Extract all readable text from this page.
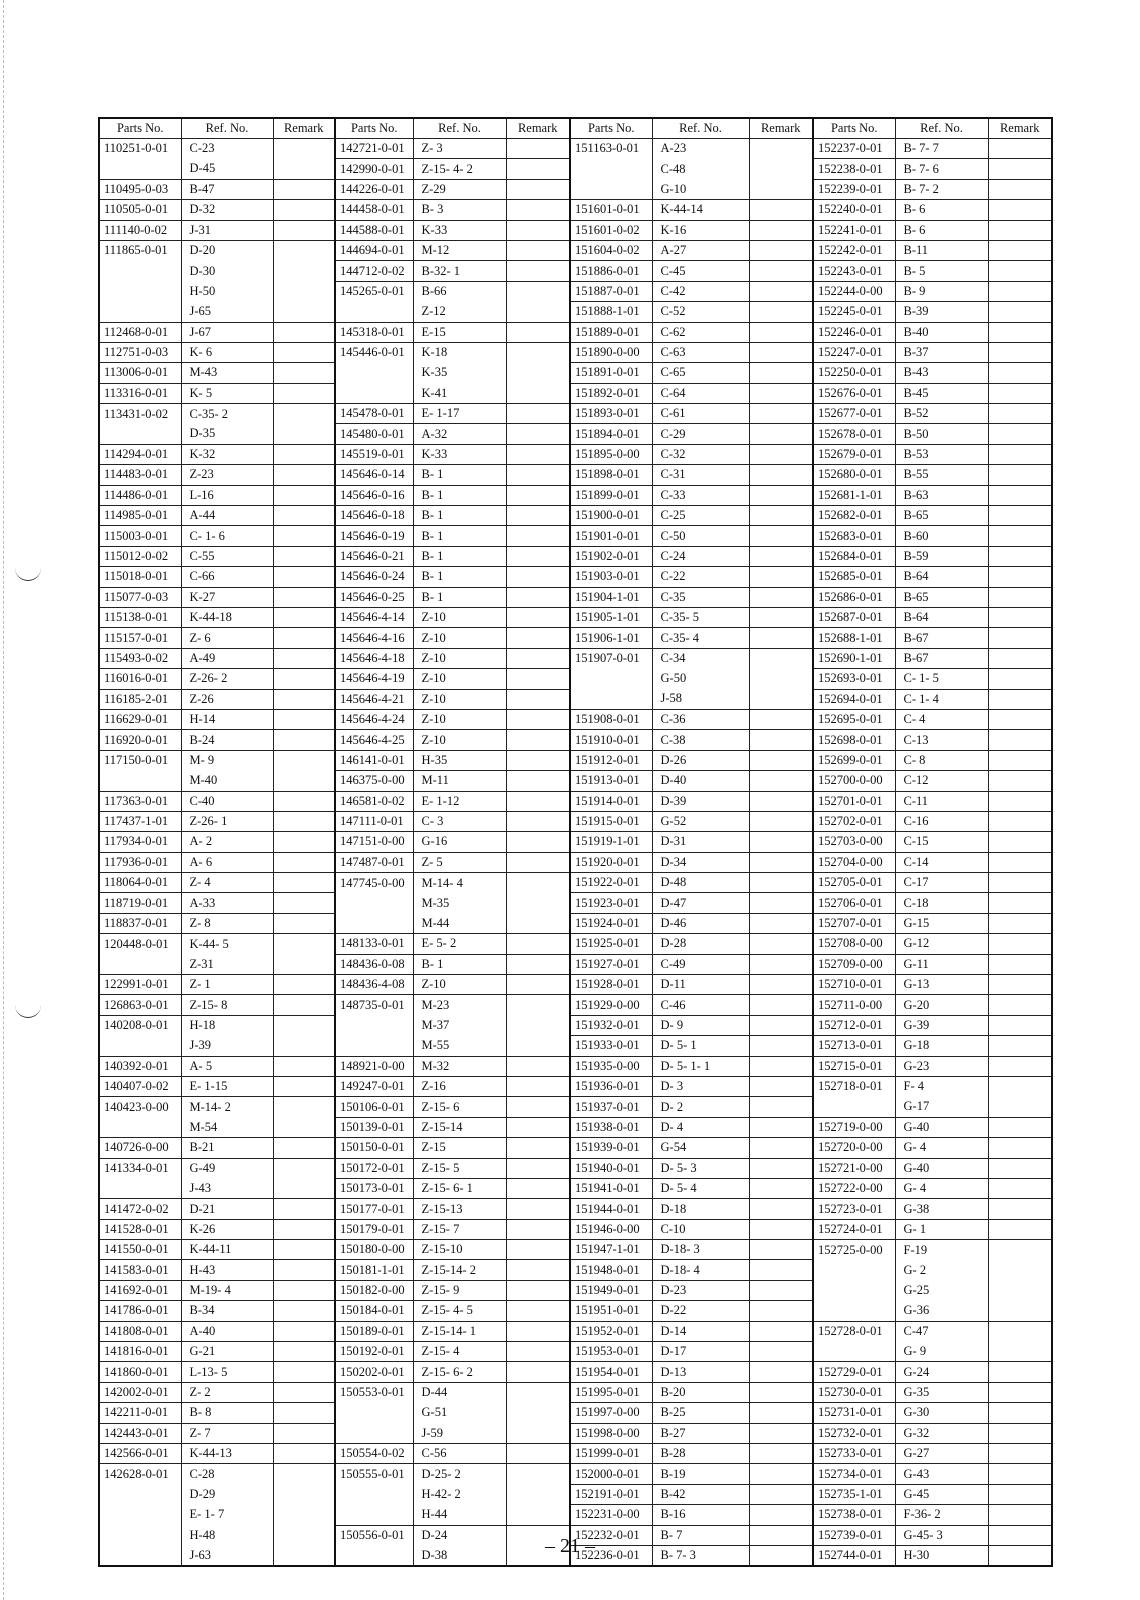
Parts No.	Ref. No.	Remark	Parts No.	Ref. No.	Remark	Parts No.	Ref. No.	Remark	Parts No.	Ref. No.	Remark
110251-0-01	C-23		142721-0-01	Z- 3		151163-0-01	A-23		152237-0-01	B- 7- 7	
	D-45		142990-0-01	Z-15- 4- 2			C-48		152238-0-01	B- 7- 6	
110495-0-03	B-47		144226-0-01	Z-29			G-10		152239-0-01	B- 7- 2	
110505-0-01	D-32		144458-0-01	B- 3		151601-0-01	K-44-14		152240-0-01	B- 6	
111140-0-02	J-31		144588-0-01	K-33		151601-0-02	K-16		152241-0-01	B- 6	
111865-0-01	D-20		144694-0-01	M-12		151604-0-02	A-27		152242-0-01	B-11	
	D-30		144712-0-02	B-32- 1		151886-0-01	C-45		152243-0-01	B- 5	
	H-50		145265-0-01	B-66		151887-0-01	C-42		152244-0-00	B- 9	
	J-65			Z-12		151888-1-01	C-52		152245-0-01	B-39	
112468-0-01	J-67		145318-0-01	E-15		151889-0-01	C-62		152246-0-01	B-40	
112751-0-03	K- 6		145446-0-01	K-18		151890-0-00	C-63		152247-0-01	B-37	
113006-0-01	M-43			K-35		151891-0-01	C-65		152250-0-01	B-43	
113316-0-01	K- 5			K-41		151892-0-01	C-64		152676-0-01	B-45	
113431-0-02	C-35- 2		145478-0-01	E- 1-17		151893-0-01	C-61		152677-0-01	B-52	
	D-35		145480-0-01	A-32		151894-0-01	C-29		152678-0-01	B-50	
114294-0-01	K-32		145519-0-01	K-33		151895-0-00	C-32		152679-0-01	B-53	
114483-0-01	Z-23		145646-0-14	B- 1		151898-0-01	C-31		152680-0-01	B-55	
114486-0-01	L-16		145646-0-16	B- 1		151899-0-01	C-33		152681-1-01	B-63	
114985-0-01	A-44		145646-0-18	B- 1		151900-0-01	C-25		152682-0-01	B-65	
115003-0-01	C- 1- 6		145646-0-19	B- 1		151901-0-01	C-50		152683-0-01	B-60	
115012-0-02	C-55		145646-0-21	B- 1		151902-0-01	C-24		152684-0-01	B-59	
115018-0-01	C-66		145646-0-24	B- 1		151903-0-01	C-22		152685-0-01	B-64	
115077-0-03	K-27		145646-0-25	B- 1		151904-1-01	C-35		152686-0-01	B-65	
115138-0-01	K-44-18		145646-4-14	Z-10		151905-1-01	C-35- 5		152687-0-01	B-64	
115157-0-01	Z- 6		145646-4-16	Z-10		151906-1-01	C-35- 4		152688-1-01	B-67	
115493-0-02	A-49		145646-4-18	Z-10		151907-0-01	C-34		152690-1-01	B-67	
116016-0-01	Z-26- 2		145646-4-19	Z-10			G-50		152693-0-01	C- 1- 5	
116185-2-01	Z-26		145646-4-21	Z-10			J-58		152694-0-01	C- 1- 4	
116629-0-01	H-14		145646-4-24	Z-10		151908-0-01	C-36		152695-0-01	C- 4	
116920-0-01	B-24		145646-4-25	Z-10		151910-0-01	C-38		152698-0-01	C-13	
117150-0-01	M- 9		146141-0-01	H-35		151912-0-01	D-26		152699-0-01	C- 8	
	M-40		146375-0-00	M-11		151913-0-01	D-40		152700-0-00	C-12	
117363-0-01	C-40		146581-0-02	E- 1-12		151914-0-01	D-39		152701-0-01	C-11	
117437-1-01	Z-26- 1		147111-0-01	C- 3		151915-0-01	G-52		152702-0-01	C-16	
117934-0-01	A- 2		147151-0-00	G-16		151919-1-01	D-31		152703-0-00	C-15	
117936-0-01	A- 6		147487-0-01	Z- 5		151920-0-01	D-34		152704-0-00	C-14	
118064-0-01	Z- 4		147745-0-00	M-14- 4		151922-0-01	D-48		152705-0-01	C-17	
118719-0-01	A-33			M-35		151923-0-01	D-47		152706-0-01	C-18	
118837-0-01	Z- 8			M-44		151924-0-01	D-46		152707-0-01	G-15	
120448-0-01	K-44- 5		148133-0-01	E- 5- 2		151925-0-01	D-28		152708-0-00	G-12	
	Z-31		148436-0-08	B- 1		151927-0-01	C-49		152709-0-00	G-11	
122991-0-01	Z- 1		148436-4-08	Z-10		151928-0-01	D-11		152710-0-01	G-13	
126863-0-01	Z-15- 8		148735-0-01	M-23		151929-0-00	C-46		152711-0-00	G-20	
140208-0-01	H-18			M-37		151932-0-01	D- 9		152712-0-01	G-39	
	J-39			M-55		151933-0-01	D- 5- 1		152713-0-01	G-18	
140392-0-01	A- 5		148921-0-00	M-32		151935-0-00	D- 5- 1- 1		152715-0-01	G-23	
140407-0-02	E- 1-15		149247-0-01	Z-16		151936-0-01	D- 3		152718-0-01	F- 4	
140423-0-00	M-14- 2		150106-0-01	Z-15- 6		151937-0-01	D- 2			G-17	
	M-54		150139-0-01	Z-15-14		151938-0-01	D- 4		152719-0-00	G-40	
140726-0-00	B-21		150150-0-01	Z-15		151939-0-01	G-54		152720-0-00	G- 4	
141334-0-01	G-49		150172-0-01	Z-15- 5		151940-0-01	D- 5- 3		152721-0-00	G-40	
	J-43		150173-0-01	Z-15- 6- 1		151941-0-01	D- 5- 4		152722-0-00	G- 4	
141472-0-02	D-21		150177-0-01	Z-15-13		151944-0-01	D-18		152723-0-01	G-38	
141528-0-01	K-26		150179-0-01	Z-15- 7		151946-0-00	C-10		152724-0-01	G- 1	
141550-0-01	K-44-11		150180-0-00	Z-15-10		151947-1-01	D-18- 3		152725-0-00	F-19	
141583-0-01	H-43		150181-1-01	Z-15-14- 2		151948-0-01	D-18- 4			G- 2	
141692-0-01	M-19- 4		150182-0-00	Z-15- 9		151949-0-01	D-23			G-25	
141786-0-01	B-34		150184-0-01	Z-15- 4- 5		151951-0-01	D-22			G-36	
141808-0-01	A-40		150189-0-01	Z-15-14- 1		151952-0-01	D-14		152728-0-01	C-47	
141816-0-01	G-21		150192-0-01	Z-15- 4		151953-0-01	D-17			G- 9	
141860-0-01	L-13- 5		150202-0-01	Z-15- 6- 2		151954-0-01	D-13		152729-0-01	G-24	
142002-0-01	Z- 2		150553-0-01	D-44		151995-0-01	B-20		152730-0-01	G-35	
142211-0-01	B- 8			G-51		151997-0-00	B-25		152731-0-01	G-30	
142443-0-01	Z- 7			J-59		151998-0-00	B-27		152732-0-01	G-32	
142566-0-01	K-44-13		150554-0-02	C-56		151999-0-01	B-28		152733-0-01	G-27	
142628-0-01	C-28		150555-0-01	D-25- 2		152000-0-01	B-19		152734-0-01	G-43	
	D-29			H-42- 2		152191-0-01	B-42		152735-1-01	G-45	
	E- 1- 7			H-44		152231-0-00	B-16		152738-0-01	F-36- 2	
	H-48		150556-0-01	D-24		152232-0-01	B- 7		152739-0-01	G-45- 3	
	J-63			D-38		152236-0-01	B- 7- 3		152744-0-01	H-30	
– 21 –
